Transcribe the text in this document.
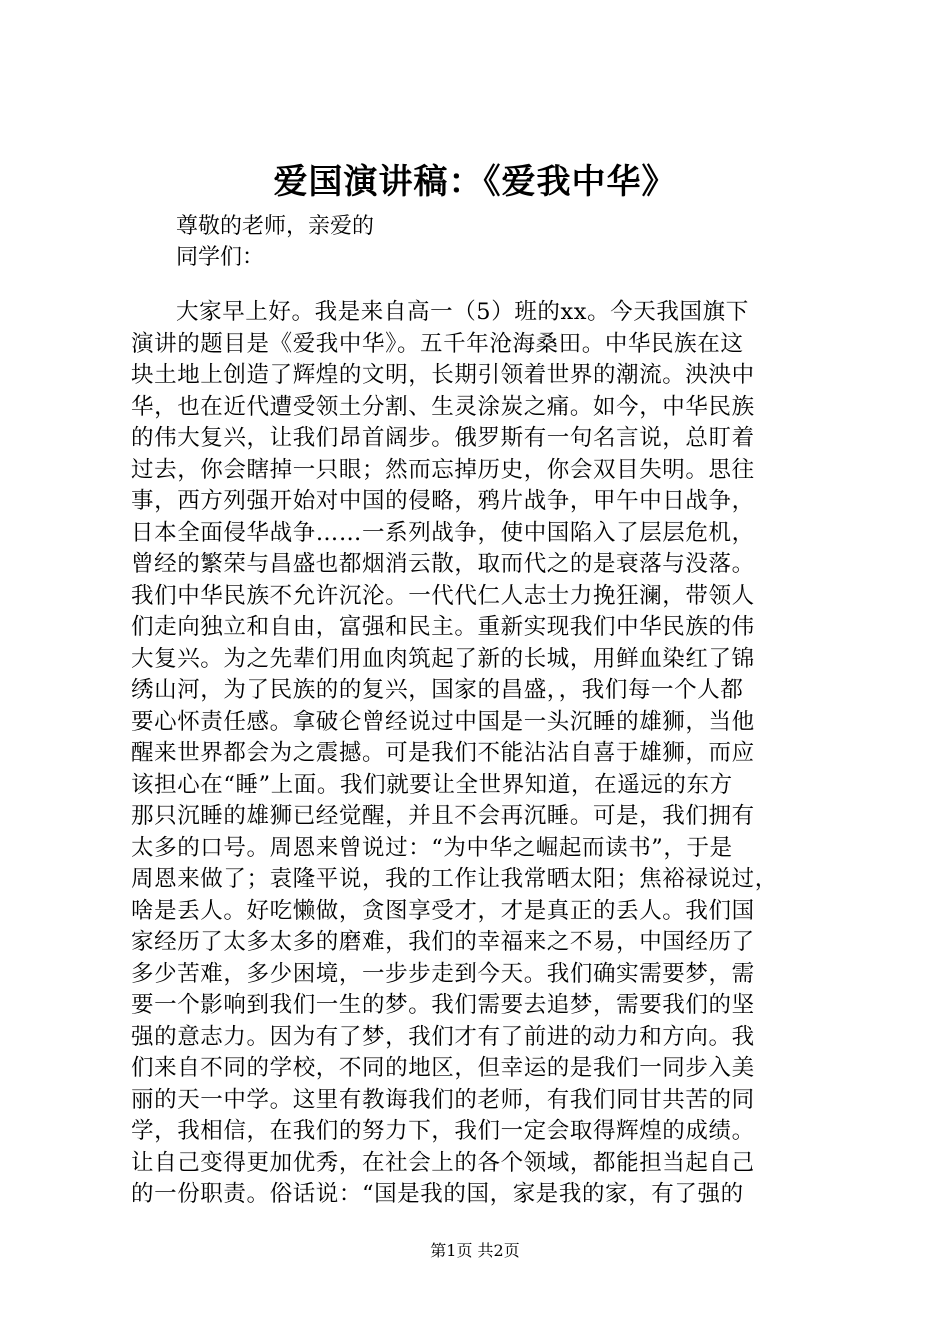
爱国演讲稿：《爱我中华》
尊敬的老师，亲爱的
同学们：
大家早上好。我是来自高一（5）班的xx。今天我国旗下
演讲的题目是《爱我中华》。五千年沧海桑田。中华民族在这
块土地上创造了辉煌的文明，长期引领着世界的潮流。泱泱中
华，也在近代遭受领土分割、生灵涂炭之痛。如今，中华民族
的伟大复兴，让我们昂首阔步。俄罗斯有一句名言说，总盯着
过去，你会瞎掉一只眼；然而忘掉历史，你会双目失明。思往
事，西方列强开始对中国的侵略，鸦片战争，甲午中日战争，
日本全面侵华战争……一系列战争，使中国陷入了层层危机，
曾经的繁荣与昌盛也都烟消云散，取而代之的是衰落与没落。
我们中华民族不允许沉沦。一代代仁人志士力挽狂澜，带领人
们走向独立和自由，富强和民主。重新实现我们中华民族的伟
大复兴。为之先辈们用血肉筑起了新的长城，用鲜血染红了锦
绣山河，为了民族的的复兴，国家的昌盛，，我们每一个人都
要心怀责任感。拿破仑曾经说过中国是一头沉睡的雄狮，当他
醒来世界都会为之震撼。可是我们不能沾沾自喜于雄狮，而应
该担心在“睡”上面。我们就要让全世界知道，在遥远的东方
那只沉睡的雄狮已经觉醒，并且不会再沉睡。可是，我们拥有
太多的口号。周恩来曾说过：“为中华之崛起而读书”，于是
周恩来做了；袁隆平说，我的工作让我常晒太阳；焦裕禄说过，
啥是丢人。好吃懒做，贪图享受才，才是真正的丢人。我们国
家经历了太多太多的磨难，我们的幸福来之不易，中国经历了
多少苦难，多少困境，一步步走到今天。我们确实需要梦，需
要一个影响到我们一生的梦。我们需要去追梦，需要我们的坚
强的意志力。因为有了梦，我们才有了前进的动力和方向。我
们来自不同的学校，不同的地区，但幸运的是我们一同步入美
丽的天一中学。这里有教诲我们的老师，有我们同甘共苦的同
学，我相信，在我们的努力下，我们一定会取得辉煌的成绩。
让自己变得更加优秀，在社会上的各个领域，都能担当起自己
的一份职责。俗话说：“国是我的国，家是我的家，有了强的
第1页 共2页
